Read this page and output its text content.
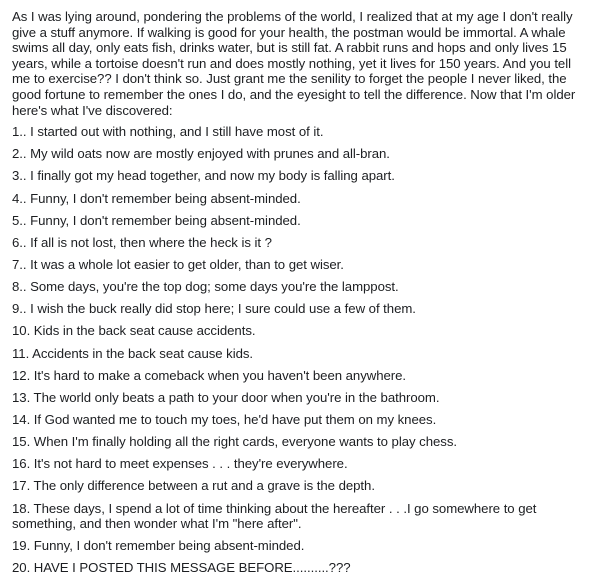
As I was lying around, pondering the problems of the world, I realized that at my age I don't really give a stuff anymore. If walking is good for your health, the postman would be immortal. A whale swims all day, only eats fish, drinks water, but is still fat. A rabbit runs and hops and only lives 15 years, while a tortoise doesn't run and does mostly nothing, yet it lives for 150 years. And you tell me to exercise?? I don't think so. Just grant me the senility to forget the people I never liked, the good fortune to remember the ones I do, and the eyesight to tell the difference. Now that I'm older here's what I've discovered:

1.. I started out with nothing, and I still have most of it.
2.. My wild oats now are mostly enjoyed with prunes and all-bran.
3.. I finally got my head together, and now my body is falling apart.
4.. Funny, I don't remember being absent-minded.
5.. Funny, I don't remember being absent-minded.
6.. If all is not lost, then where the heck is it ?
7.. It was a whole lot easier to get older, than to get wiser.
8.. Some days, you're the top dog; some days you're the lamppost.
9.. I wish the buck really did stop here; I sure could use a few of them.
10. Kids in the back seat cause accidents.
11. Accidents in the back seat cause kids.
12. It's hard to make a comeback when you haven't been anywhere.
13. The world only beats a path to your door when you're in the bathroom.
14. If God wanted me to touch my toes, he'd have put them on my knees.
15. When I'm finally holding all the right cards, everyone wants to play chess.
16. It's not hard to meet expenses . . . they're everywhere.
17. The only difference between a rut and a grave is the depth.
18. These days, I spend a lot of time thinking about the hereafter . . .I go somewhere to get something, and then wonder what I'm "here after".
19. Funny, I don't remember being absent-minded.
20. HAVE I POSTED THIS MESSAGE BEFORE..........???
